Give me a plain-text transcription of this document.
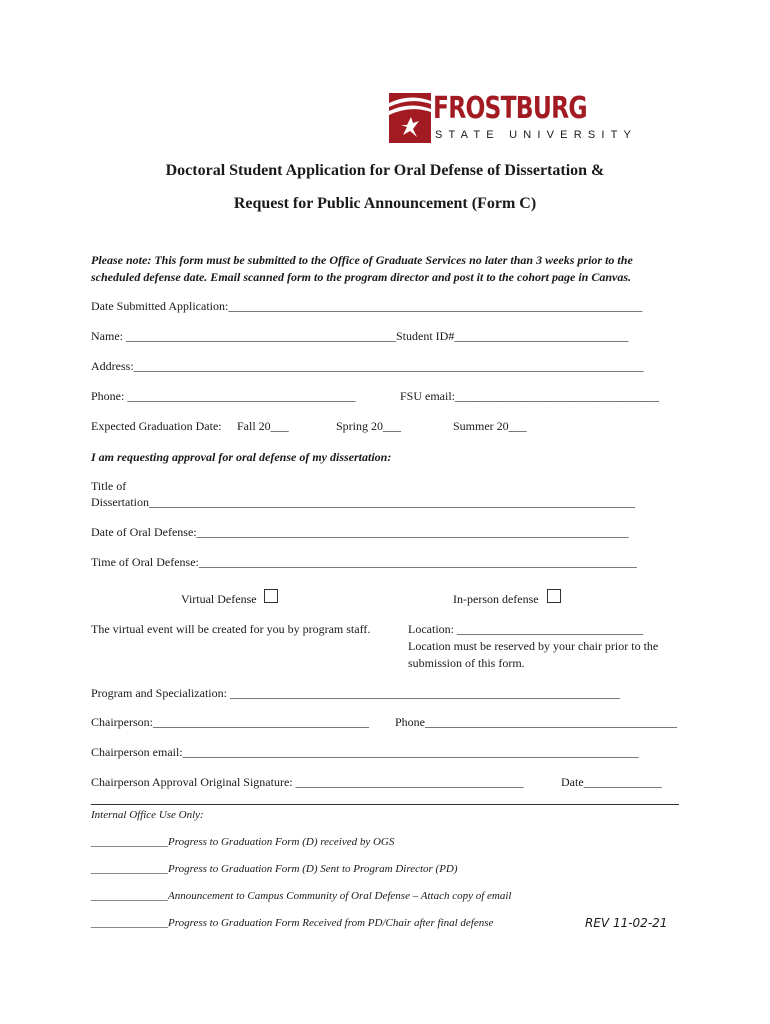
FROSTBURG
STATE UNIVERSITY
Doctoral Student Application for Oral Defense of Dissertation &
Request for Public Announcement (Form C)
Please note: This form must be submitted to the Office of Graduate Services no later than 3 weeks prior to the
scheduled defense date. Email scanned form to the program director and post it to the cohort page in Canvas.
Date Submitted Application:_____________________________________________________________________
Name: _____________________________________________Student ID#_____________________________
Address:_____________________________________________________________________________________
Phone: ______________________________________	FSU email:__________________________________
Expected Graduation Date: Fall 20___	Spring 20___	Summer 20___
I am requesting approval for oral defense of my dissertation:
Title of
Dissertation_________________________________________________________________________________
Date of Oral Defense:________________________________________________________________________
Time of Oral Defense:_________________________________________________________________________
Virtual Defense	In-person defense
The virtual event will be created for you by program staff.	Location: _______________________________
Location must be reserved by your chair prior to the
submission of this form.
Program and Specialization: _________________________________________________________________
Chairperson:____________________________________ Phone__________________________________________
Chairperson email:____________________________________________________________________________
Chairperson Approval Original Signature: ______________________________________	Date_____________
Internal Office Use Only:
______________Progress to Graduation Form (D) received by OGS
______________Progress to Graduation Form (D) Sent to Program Director (PD)
______________Announcement to Campus Community of Oral Defense – Attach copy of email
______________Progress to Graduation Form Received from PD/Chair after final defense	REV 11-02-21
